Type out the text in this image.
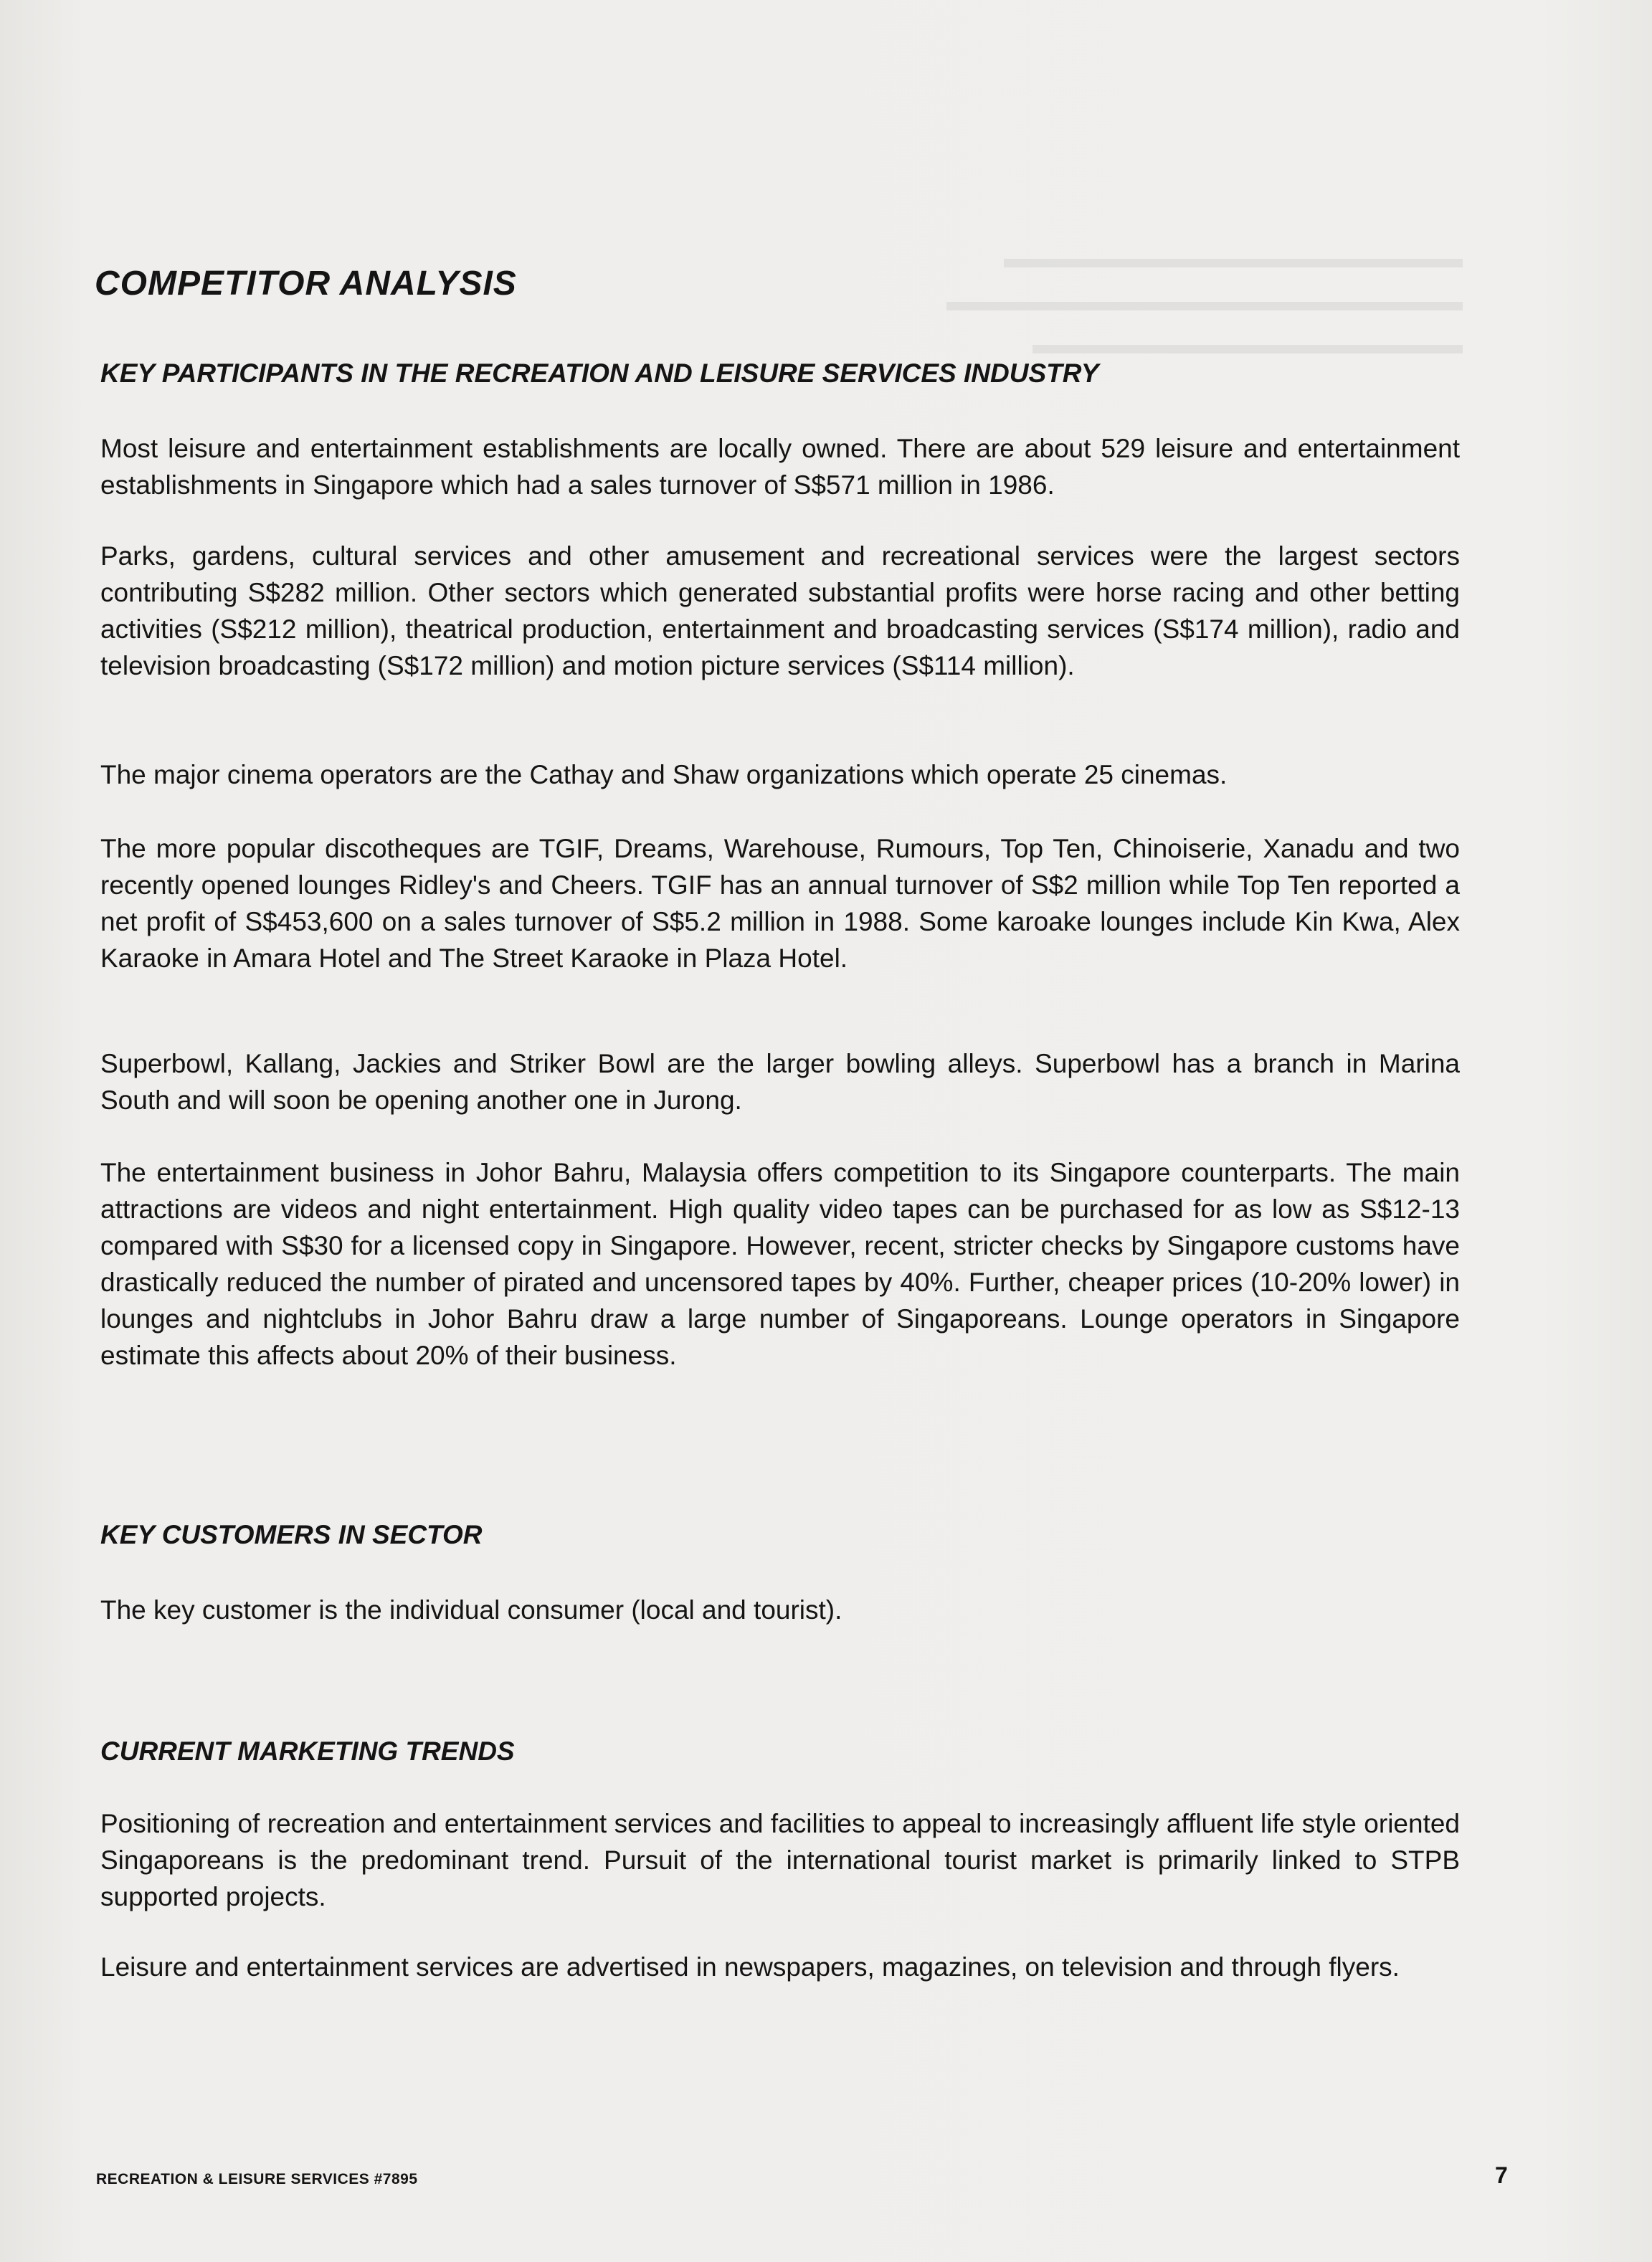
▬▬▬▬▬▬▬▬▬▬▬▬▬▬▬▬
▬▬▬▬▬▬▬▬▬▬▬▬▬▬▬▬▬▬
▬▬▬▬▬▬▬▬▬▬▬▬▬▬▬

COMPETITOR ANALYSIS
KEY PARTICIPANTS IN THE RECREATION AND LEISURE SERVICES INDUSTRY

Most leisure and entertainment establishments are locally owned. There are about 529 leisure and entertainment establishments in Singapore which had a sales turnover of S$571 million in 1986.

Parks, gardens, cultural services and other amusement and recreational services were the largest sectors contributing S$282 million. Other sectors which generated substantial profits were horse racing and other betting activities (S$212 million), theatrical production, entertainment and broadcasting services (S$174 million), radio and television broadcasting (S$172 million) and motion picture services (S$114 million).

The major cinema operators are the Cathay and Shaw organizations which operate 25 cinemas.

The more popular discotheques are TGIF, Dreams, Warehouse, Rumours, Top Ten, Chinoiserie, Xanadu and two recently opened lounges Ridley's and Cheers. TGIF has an annual turnover of S$2 million while Top Ten reported a net profit of S$453,600 on a sales turnover of S$5.2 million in 1988. Some karoake lounges include Kin Kwa, Alex Karaoke in Amara Hotel and The Street Karaoke in Plaza Hotel.

Superbowl, Kallang, Jackies and Striker Bowl are the larger bowling alleys. Superbowl has a branch in Marina South and will soon be opening another one in Jurong.

The entertainment business in Johor Bahru, Malaysia offers competition to its Singapore counterparts. The main attractions are videos and night entertainment. High quality video tapes can be purchased for as low as S$12-13 compared with S$30 for a licensed copy in Singapore. However, recent, stricter checks by Singapore customs have drastically reduced the number of pirated and uncensored tapes by 40%. Further, cheaper prices (10-20% lower) in lounges and nightclubs in Johor Bahru draw a large number of Singaporeans. Lounge operators in Singapore estimate this affects about 20% of their business.

KEY CUSTOMERS IN SECTOR

The key customer is the individual consumer (local and tourist).

CURRENT MARKETING TRENDS

Positioning of recreation and entertainment services and facilities to appeal to increasingly affluent life style oriented Singaporeans is the predominant trend. Pursuit of the international tourist market is primarily linked to STPB supported projects.

Leisure and entertainment services are advertised in newspapers, magazines, on television and through flyers.

RECREATION & LEISURE SERVICES #7895	7
